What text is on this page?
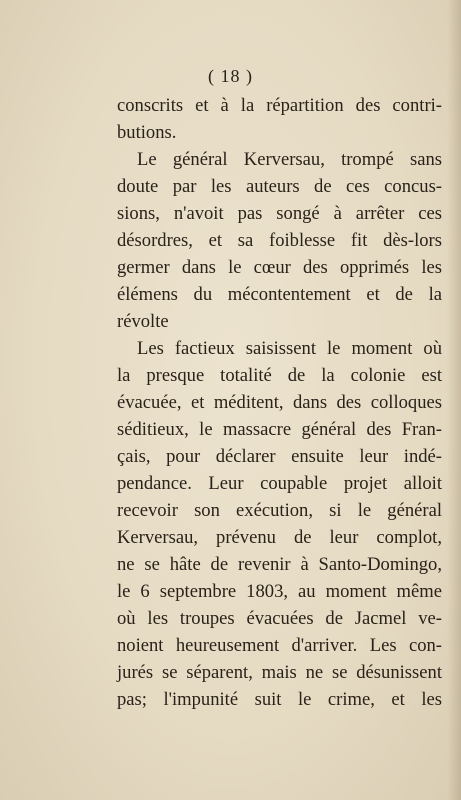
( 18 )
conscrits et à la répartition des contri-
butions.
Le général Kerversau, trompé sans
doute par les auteurs de ces concus-
sions, n'avoit pas songé à arrêter ces
désordres, et sa foiblesse fit dès-lors
germer dans le cœur des opprimés les
élémens du mécontentement et de la
révolte
Les factieux saisissent le moment où
la presque totalité de la colonie est
évacuée, et méditent, dans des colloques
séditieux, le massacre général des Fran-
çais, pour déclarer ensuite leur indé-
pendance. Leur coupable projet alloit
recevoir son exécution, si le général
Kerversau, prévenu de leur complot,
ne se hâte de revenir à Santo-Domingo,
le 6 septembre 1803, au moment même
où les troupes évacuées de Jacmel ve-
noient heureusement d'arriver. Les con-
jurés se séparent, mais ne se désunissent
pas; l'impunité suit le crime, et les
